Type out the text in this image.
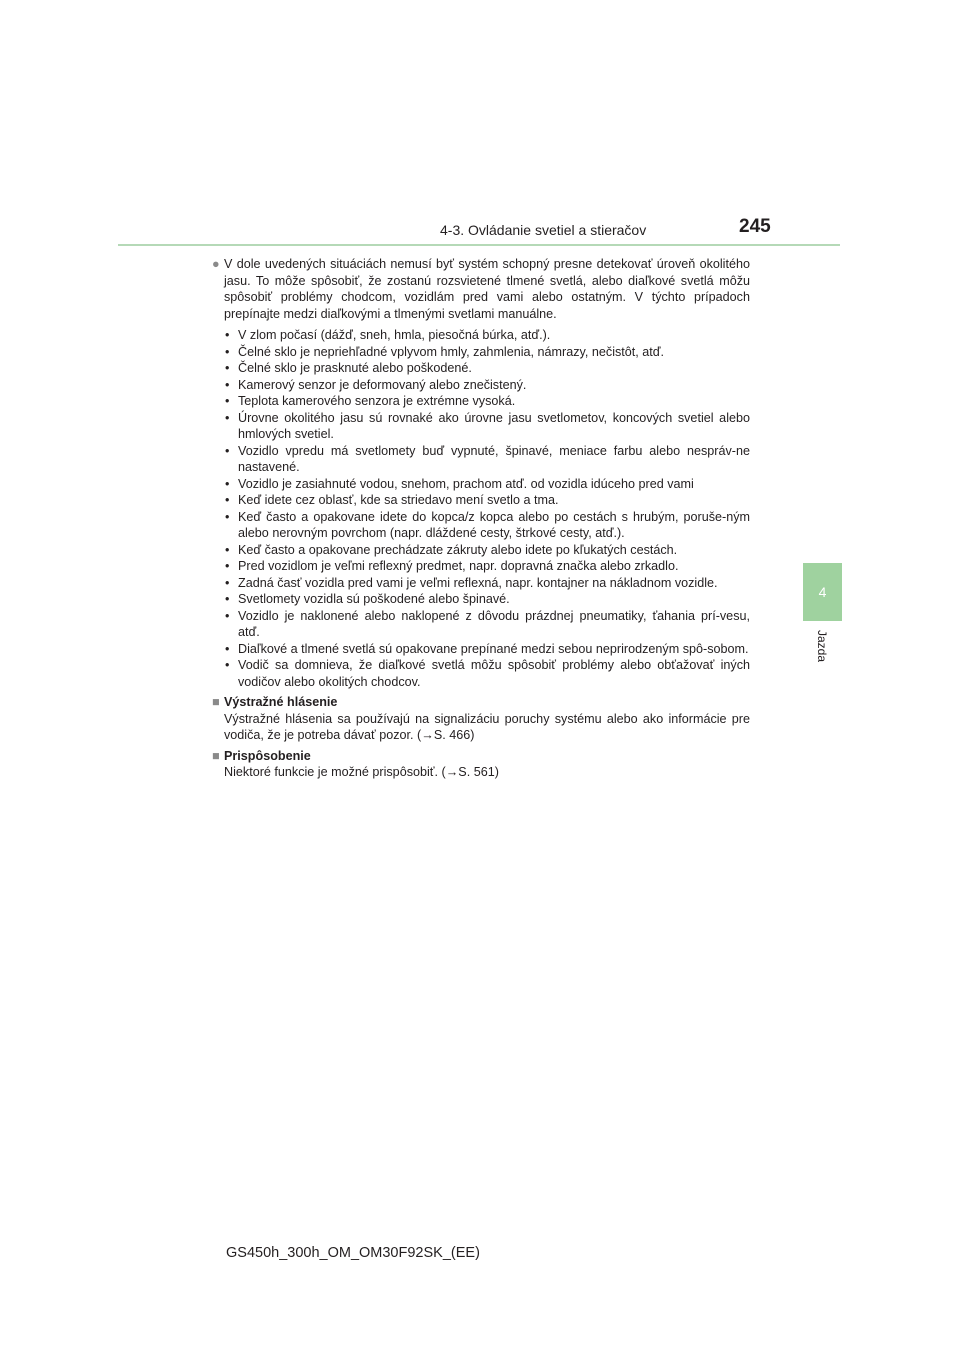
4-3. Ovládanie svetiel a stieračov	245
4
Jazda

● V dole uvedených situáciách nemusí byť systém schopný presne detekovať úroveň okolitého jasu. To môže spôsobiť, že zostanú rozsvietené tlmené svetlá, alebo diaľkové svetlá môžu spôsobiť problémy chodcom, vozidlám pred vami alebo ostatným. V týchto prípadoch prepínajte medzi diaľkovými a tlmenými svetlami manuálne.

• V zlom počasí (dážď, sneh, hmla, piesočná búrka, atď.).
• Čelné sklo je nepriehľadné vplyvom hmly, zahmlenia, námrazy, nečistôt, atď.
• Čelné sklo je prasknuté alebo poškodené.
• Kamerový senzor je deformovaný alebo znečistený.
• Teplota kamerového senzora je extrémne vysoká.
• Úrovne okolitého jasu sú rovnaké ako úrovne jasu svetlometov, koncových svetiel alebo hmlových svetiel.
• Vozidlo vpredu má svetlomety buď vypnuté, špinavé, meniace farbu alebo nespráv-ne nastavené.
• Vozidlo je zasiahnuté vodou, snehom, prachom atď. od vozidla idúceho pred vami
• Keď idete cez oblasť, kde sa striedavo mení svetlo a tma.
• Keď často a opakovane idete do kopca/z kopca alebo po cestách s hrubým, poruše-ným alebo nerovným povrchom (napr. dláždené cesty, štrkové cesty, atď.).
• Keď často a opakovane prechádzate zákruty alebo idete po kľukatých cestách.
• Pred vozidlom je veľmi reflexný predmet, napr. dopravná značka alebo zrkadlo.
• Zadná časť vozidla pred vami je veľmi reflexná, napr. kontajner na nákladnom vozidle.
• Svetlomety vozidla sú poškodené alebo špinavé.
• Vozidlo je naklonené alebo naklopené z dôvodu prázdnej pneumatiky, ťahania prí-vesu, atď.
• Diaľkové a tlmené svetlá sú opakovane prepínané medzi sebou neprirodzeným spô-sobom.
• Vodič sa domnieva, že diaľkové svetlá môžu spôsobiť problémy alebo obťažovať iných vodičov alebo okolitých chodcov.

■ Výstražné hlásenie

Výstražné hlásenia sa používajú na signalizáciu poruchy systému alebo ako informácie pre vodiča, že je potreba dávať pozor. (→S. 466)

■ Prispôsobenie

Niektoré funkcie je možné prispôsobiť. (→S. 561)

GS450h_300h_OM_OM30F92SK_(EE)
